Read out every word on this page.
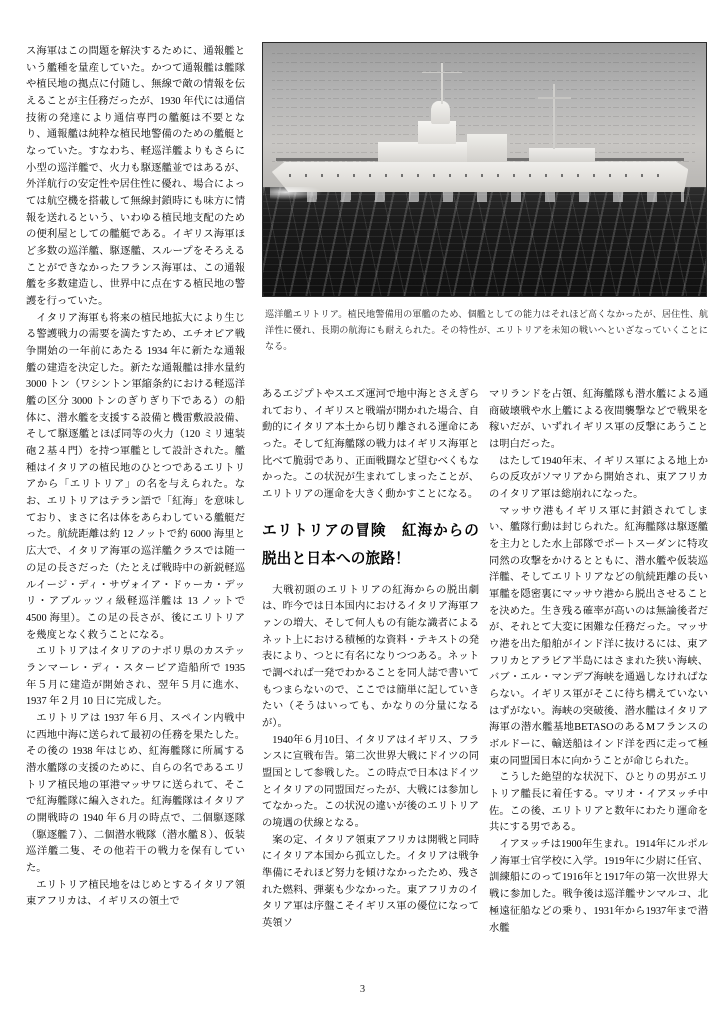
巡洋艦エリトリア。植民地警備用の軍艦のため、個艦としての能力はそれほど高くなかったが、居住性、航洋性に優れ、長期の航海にも耐えられた。その特性が、エリトリアを未知の戦いへといざなっていくことになる。

ス海軍はこの問題を解決するために、通報艦という艦種を量産していた。かつて通報艦は艦隊や植民地の拠点に付随し、無線で敵の情報を伝えることが主任務だったが、1930 年代には通信技術の発達により通信専門の艦艇は不要となり、通報艦は純粋な植民地警備のための艦艇となっていた。すなわち、軽巡洋艦よりもさらに小型の巡洋艦で、火力も駆逐艦並ではあるが、外洋航行の安定性や居住性に優れ、場合によっては航空機を搭載して無線封鎖時にも味方に情報を送れるという、いわゆる植民地支配のための便利屋としての艦艇である。イギリス海軍ほど多数の巡洋艦、駆逐艦、スループをそろえることができなかったフランス海軍は、この通報艦を多数建造し、世界中に点在する植民地の警護を行っていた。

イタリア海軍も将来の植民地拡大により生じる警護戦力の需要を満たすため、エチオピア戦争開始の一年前にあたる 1934 年に新たな通報艦の建造を決定した。新たな通報艦は排水量約 3000 トン（ワシントン軍縮条約における軽巡洋艦の区分 3000 トンのぎりぎり下である）の船体に、潜水艦を支援する設備と機雷敷設設備、そして駆逐艦とほぼ同等の火力（120 ミリ連装砲２基４門）を持つ軍艦として設計された。艦種はイタリアの植民地のひとつであるエリトリアから「エリトリア」の名を与えられた。なお、エリトリアはテラン語で「紅海」を意味しており、まさに名は体をあらわしている艦艇だった。航続距離は約 12 ノットで約 6000 海里と広大で、イタリア海軍の巡洋艦クラスでは随一の足の長さだった（たとえば戦時中の新鋭軽巡ルイージ・ディ・サヴォイア・ドゥーカ・デッリ・アブルッツィ級軽巡洋艦は 13 ノットで 4500 海里）。この足の長さが、後にエリトリアを幾度となく救うことになる。

エリトリアはイタリアのナポリ県のカステッランマーレ・ディ・スタービア造船所で 1935 年５月に建造が開始され、翌年５月に進水、1937 年２月 10 日に完成した。

エリトリアは 1937 年６月、スペイン内戦中に西地中海に送られて最初の任務を果たした。その後の 1938 年はじめ、紅海艦隊に所属する潜水艦隊の支援のために、自らの名であるエリトリア植民地の軍港マッサワに送られて、そこで紅海艦隊に編入された。紅海艦隊はイタリアの開戦時の 1940 年６月の時点で、二個駆逐隊（駆逐艦７）、二個潜水戦隊（潜水艦８）、仮装巡洋艦二隻、その他若干の戦力を保有していた。

エリトリア植民地をはじめとするイタリア領東アフリカは、イギリスの領土で

あるエジプトやスエズ運河で地中海とさえぎられており、イギリスと戦端が開かれた場合、自動的にイタリア本土から切り離される運命にあった。そして紅海艦隊の戦力はイギリス海軍と比べて脆弱であり、正面戦闘など望むべくもなかった。この状況が生まれてしまったことが、エリトリアの運命を大きく動かすことになる。

エリトリアの冒険　紅海からの脱出と日本への旅路！

大戦初頭のエリトリアの紅海からの脱出劇は、昨今では日本国内におけるイタリア海軍ファンの増大、そして何人もの有能な識者によるネット上における積極的な資料・テキストの発表により、つとに有名になりつつある。ネットで調べれば一発でわかることを同人誌で書いてもつまらないので、ここでは簡単に記していきたい（そうはいっても、かなりの分量になるが）。

1940年６月10日、イタリアはイギリス、フランスに宣戦布告。第二次世界大戦にドイツの同盟国として参戦した。この時点で日本はドイツとイタリアの同盟国だったが、大戦には参加してなかった。この状況の違いが後のエリトリアの境遇の伏線となる。

案の定、イタリア領東アフリカは開戦と同時にイタリア本国から孤立した。イタリアは戦争準備にそれほど努力を傾けなかったため、残された燃料、弾薬も少なかった。東アフリカのイタリア軍は序盤こそイギリス軍の優位になって英領ソ

マリランドを占領、紅海艦隊も潜水艦による通商破壊戦や水上艦による夜間襲撃などで戦果を稼いだが、いずれイギリス軍の反撃にあうことは明白だった。

はたして1940年末、イギリス軍による地上からの反攻がソマリアから開始され、東アフリカのイタリア軍は総崩れになった。

マッサウ港もイギリス軍に封鎖されてしまい、艦隊行動は封じられた。紅海艦隊は駆逐艦を主力とした水上部隊でポートスーダンに特攻同然の攻撃をかけるとともに、潜水艦や仮装巡洋艦、そしてエリトリアなどの航続距離の長い軍艦を隠密裏にマッサウ港から脱出させることを決めた。生き残る確率が高いのは無論後者だが、それとて大変に困難な任務だった。マッサウ港を出た船舶がインド洋に抜けるには、東アフリカとアラビア半島にはさまれた狭い海峡、バブ・エル・マンデブ海峡を通過しなければならない。イギリス軍がそこに待ち構えていないはずがない。海峡の突破後、潜水艦はイタリア海軍の潜水艦基地BETASOのあるMフランスのボルドーに、輸送船はインド洋を西に走って極東の同盟国日本に向かうことが命じられた。

こうした絶望的な状況下、ひとりの男がエリトリア艦長に着任する。マリオ・イアヌッチ中佐。この後、エリトリアと数年にわたり運命を共にする男である。

イアヌッチは1900年生まれ。1914年にルポルノ海軍士官学校に入学。1919年に少尉に任官、訓練船にのって1916年と1917年の第一次世界大戦に参加した。戦争後は巡洋艦サンマルコ、北極遠征船などの乗り、1931年から1937年まで潜水艦

3
